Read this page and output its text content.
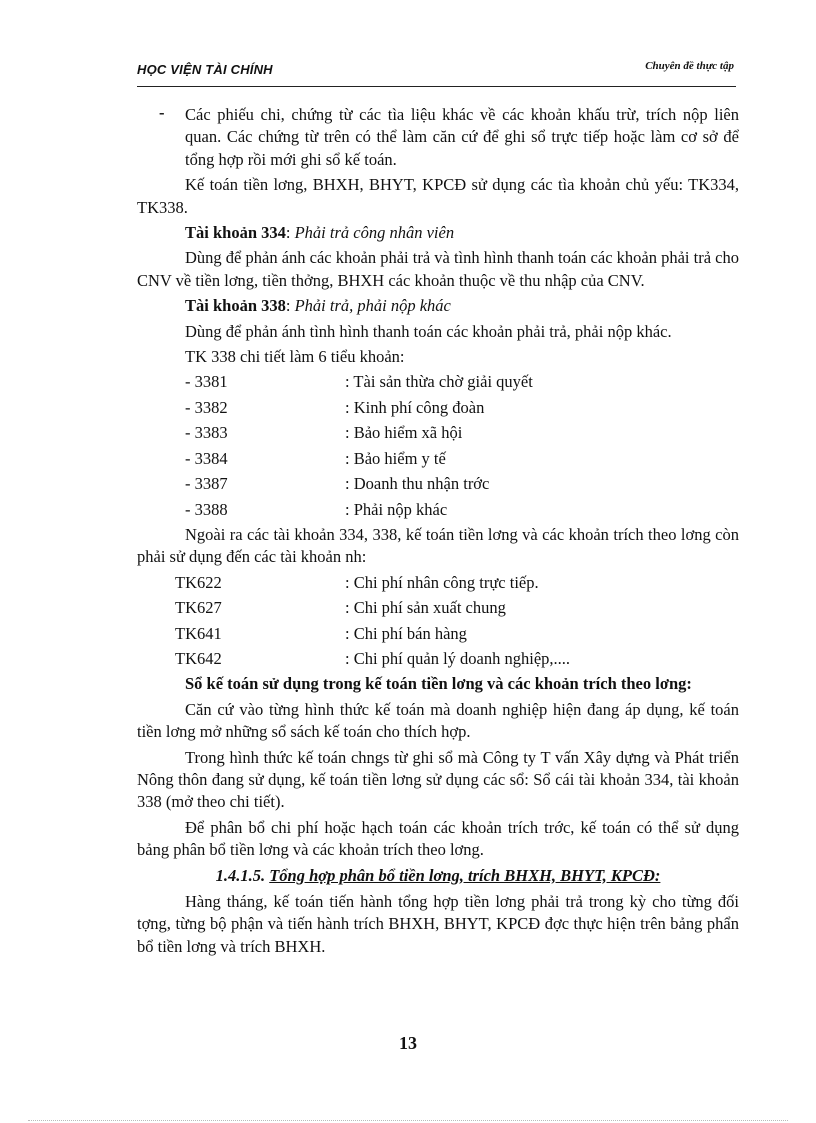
HỌC VIỆN TÀI CHÍNH	Chuyên đề thực tập

- Các phiếu chi, chứng từ các tìa liệu khác về các khoản khấu trừ, trích nộp liên quan. Các chứng từ trên có thể làm căn cứ để ghi sổ trực tiếp hoặc làm cơ sở để tổng hợp rồi mới ghi sổ kế toán.

Kế toán tiền lơng, BHXH, BHYT, KPCĐ sử dụng các tìa khoản chủ yếu: TK334, TK338.

Tài khoản 334: Phải trả công nhân viên

Dùng để phản ánh các khoản phải trả và tình hình thanh toán các khoản phải trả cho CNV về tiền lơng, tiền thởng, BHXH các khoản thuộc về thu nhập của CNV.

Tài khoản 338: Phải trả, phải nộp khác

Dùng để phản ánh tình hình thanh toán các khoản phải trả, phải nộp khác.

TK 338 chi tiết làm 6 tiểu khoản:

- 3381	: Tài sản thừa chờ giải quyết
- 3382	: Kinh phí công đoàn
- 3383	: Bảo hiểm xã hội
- 3384	: Bảo hiểm y tế
- 3387	: Doanh thu nhận trớc
- 3388	: Phải nộp khác

Ngoài ra các tài khoản 334, 338, kế toán tiền lơng và các khoản trích theo lơng còn phải sử dụng đến các tài khoản nh:

TK622	: Chi phí nhân công trực tiếp.
TK627	: Chi phí sản xuất chung
TK641	: Chi phí bán hàng
TK642	: Chi phí quản lý doanh nghiệp,....

Sổ kế toán sử dụng trong kế toán tiền lơng và các khoản trích theo lơng:

Căn cứ vào từng hình thức kế toán mà doanh nghiệp hiện đang áp dụng, kế toán tiền lơng mở những sổ sách kế toán cho thích hợp.

Trong hình thức kế toán chngs từ ghi sổ mà Công ty T vấn Xây dựng và Phát triển Nông thôn đang sử dụng, kế toán tiền lơng sử dụng các sổ: Sổ cái tài khoản 334, tài khoản 338 (mở theo chi tiết).

Để phân bổ chi phí hoặc hạch toán các khoản trích trớc, kế toán có thể sử dụng bảng phân bổ tiền lơng và các khoản trích theo lơng.

1.4.1.5. Tổng hợp phân bổ tiền lơng, trích BHXH, BHYT, KPCĐ:

Hàng tháng, kế toán tiến hành tổng hợp tiền lơng phải trả trong kỳ cho từng đối tợng, từng bộ phận và tiến hành trích BHXH, BHYT, KPCĐ đợc thực hiện trên bảng phẩn bổ tiền lơng và trích BHXH.

13
